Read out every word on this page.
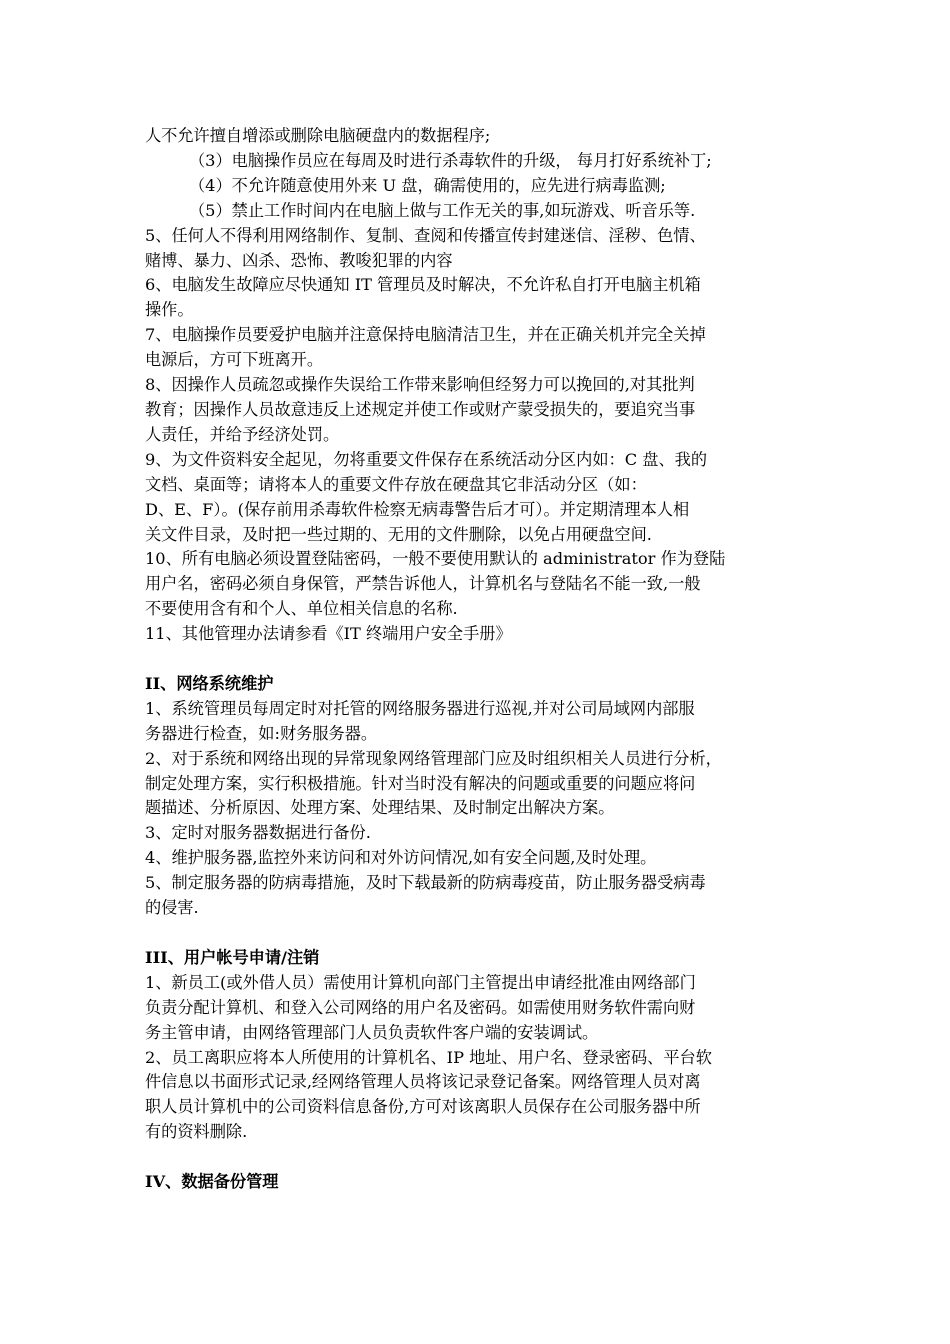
人不允许擅自增添或删除电脑硬盘内的数据程序;
（3）电脑操作员应在每周及时进行杀毒软件的升级， 每月打好系统补丁;
（4）不允许随意使用外来 U 盘，确需使用的，应先进行病毒监测;
（5）禁止工作时间内在电脑上做与工作无关的事,如玩游戏、听音乐等.
5、任何人不得利用网络制作、复制、查阅和传播宣传封建迷信、淫秽、色情、
赌博、暴力、凶杀、恐怖、教唆犯罪的内容
6、电脑发生故障应尽快通知 IT 管理员及时解决，不允许私自打开电脑主机箱
操作。
7、电脑操作员要爱护电脑并注意保持电脑清洁卫生，并在正确关机并完全关掉
电源后，方可下班离开。
8、因操作人员疏忽或操作失误给工作带来影响但经努力可以挽回的,对其批判
教育；因操作人员故意违反上述规定并使工作或财产蒙受损失的，要追究当事
人责任，并给予经济处罚。
9、为文件资料安全起见，勿将重要文件保存在系统活动分区内如：C 盘、我的
文档、桌面等；请将本人的重要文件存放在硬盘其它非活动分区（如：
D、E、F）。(保存前用杀毒软件检察无病毒警告后才可）。并定期清理本人相
关文件目录，及时把一些过期的、无用的文件删除，以免占用硬盘空间.
10、所有电脑必须设置登陆密码，一般不要使用默认的 administrator 作为登陆
用户名，密码必须自身保管，严禁告诉他人，计算机名与登陆名不能一致,一般
不要使用含有和个人、单位相关信息的名称.
11、其他管理办法请参看《IT 终端用户安全手册》
II、网络系统维护
1、系统管理员每周定时对托管的网络服务器进行巡视,并对公司局域网内部服
务器进行检查，如:财务服务器。
2、对于系统和网络出现的异常现象网络管理部门应及时组织相关人员进行分析，
制定处理方案，实行积极措施。针对当时没有解决的问题或重要的问题应将问
题描述、分析原因、处理方案、处理结果、及时制定出解决方案。
3、定时对服务器数据进行备份.
4、维护服务器,监控外来访问和对外访问情况,如有安全问题,及时处理。
5、制定服务器的防病毒措施，及时下载最新的防病毒疫苗，防止服务器受病毒
的侵害.
III、用户帐号申请/注销
1、新员工(或外借人员）需使用计算机向部门主管提出申请经批准由网络部门
负责分配计算机、和登入公司网络的用户名及密码。如需使用财务软件需向财
务主管申请，由网络管理部门人员负责软件客户端的安装调试。
2、员工离职应将本人所使用的计算机名、IP 地址、用户名、登录密码、平台软
件信息以书面形式记录,经网络管理人员将该记录登记备案。网络管理人员对离
职人员计算机中的公司资料信息备份,方可对该离职人员保存在公司服务器中所
有的资料删除.
IV、数据备份管理
